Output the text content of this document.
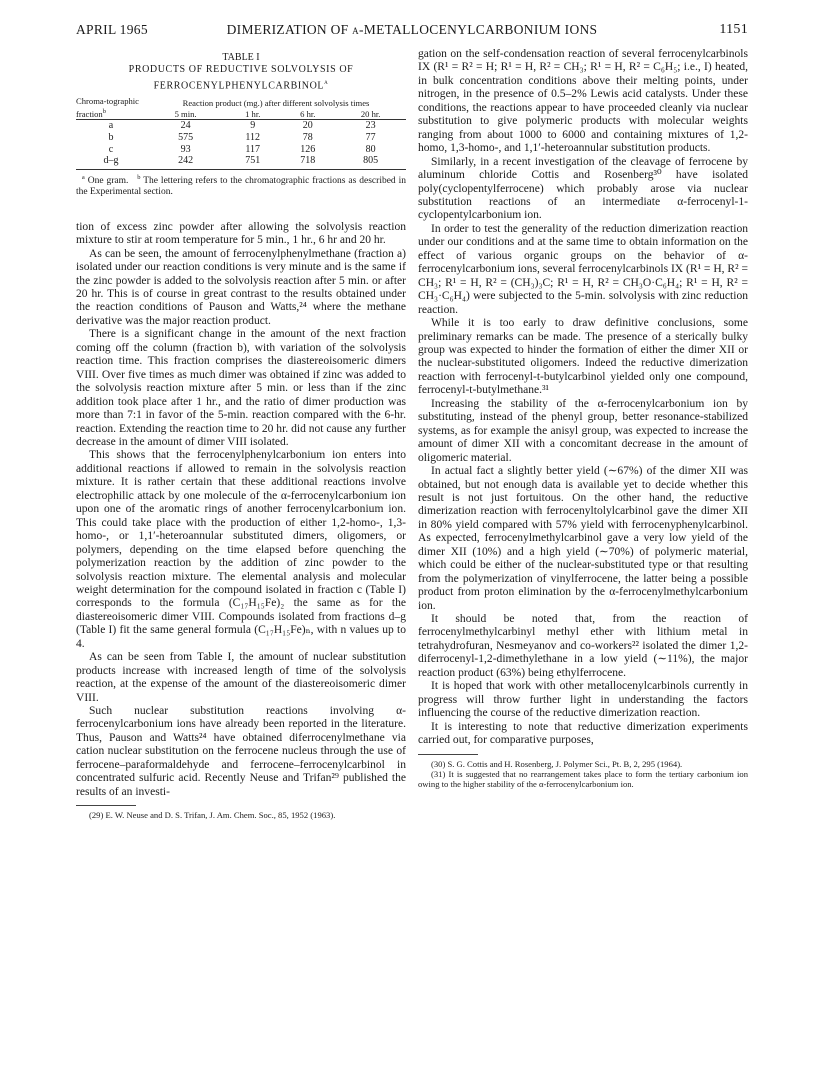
APRIL 1965	DIMERIZATION OF α-METALLOCENYLCARBONIUM IONS	1151
TABLE I
PRODUCTS OF REDUCTIVE SOLVOLYSIS OF
FERROCENYLPHENYLCARBINOL$^a$
Chroma-tographic fraction$^b$	Reaction product (mg.) after different solvolysis times			
	5 min.	1 hr.	6 hr.	20 hr.

a	24	9	20	23
b	575	112	78	77
c	93	117	126	80
d–g	242	751	718	805

$^a$ One gram. $^b$ The lettering refers to the chromatographic fractions as described in the Experimental section.

tion of excess zinc powder after allowing the solvolysis reaction mixture to stir at room temperature for 5 min., 1 hr., 6 hr and 20 hr.

As can be seen, the amount of ferrocenylphenylmethane (fraction a) isolated under our reaction conditions is very minute and is the same if the zinc powder is added to the solvolysis reaction after 5 min. or after 20 hr. This is of course in great contrast to the results obtained under the reaction conditions of Pauson and Watts,²⁴ where the methane derivative was the major reaction product.

There is a significant change in the amount of the next fraction coming off the column (fraction b), with variation of the solvolysis reaction time. This fraction comprises the diastereoisomeric dimers VIII. Over five times as much dimer was obtained if zinc was added to the solvolysis reaction mixture after 5 min. or less than if the zinc addition took place after 1 hr., and the ratio of dimer production was more than 7:1 in favor of the 5-min. reaction compared with the 6-hr. reaction. Extending the reaction time to 20 hr. did not cause any further decrease in the amount of dimer VIII isolated.

This shows that the ferrocenylphenylcarbonium ion enters into additional reactions if allowed to remain in the solvolysis reaction mixture. It is rather certain that these additional reactions involve electrophilic attack by one molecule of the α-ferrocenylcarbonium ion upon one of the aromatic rings of another ferrocenylcarbonium ion. This could take place with the production of either 1,2-homo-, 1,3-homo-, or 1,1′-heteroannular substituted dimers, oligomers, or polymers, depending on the time elapsed before quenching the polymerization reaction by the addition of zinc powder to the solvolysis reaction mixture. The elemental analysis and molecular weight determination for the compound isolated in fraction c (Table I) corresponds to the formula (C₁₇H₁₅Fe)₂ the same as for the diastereoisomeric dimer VIII. Compounds isolated from fractions d–g (Table I) fit the same general formula (C₁₇H₁₅Fe)ₙ, with n values up to 4.

As can be seen from Table I, the amount of nuclear substitution products increase with increased length of time of the solvolysis reaction, at the expense of the amount of the diastereoisomeric dimer VIII.

Such nuclear substitution reactions involving α-ferrocenylcarbonium ions have already been reported in the literature. Thus, Pauson and Watts²⁴ have obtained diferrocenylmethane via cation nuclear substitution on the ferrocene nucleus through the use of ferrocene–paraformaldehyde and ferrocene–ferrocenylcarbinol in concentrated sulfuric acid. Recently Neuse and Trifan²⁹ published the results of an investi-

(29) E. W. Neuse and D. S. Trifan, J. Am. Chem. Soc., 85, 1952 (1963).

gation on the self-condensation reaction of several ferrocenylcarbinols IX (R¹ = R² = H; R¹ = H, R² = CH₃; R¹ = H, R² = C₆H₅; i.e., I) heated, in bulk concentration conditions above their melting points, under nitrogen, in the presence of 0.5–2% Lewis acid catalysts. Under these conditions, the reactions appear to have proceeded cleanly via nuclear substitution to give polymeric products with molecular weights ranging from about 1000 to 6000 and containing mixtures of 1,2-homo, 1,3-homo-, and 1,1′-heteroannular substitution products.

Similarly, in a recent investigation of the cleavage of ferrocene by aluminum chloride Cottis and Rosenberg³⁰ have isolated poly(cyclopentylferrocene) which probably arose via nuclear substitution reactions of an intermediate α-ferrocenyl-1-cyclopentylcarbonium ion.

In order to test the generality of the reduction dimerization reaction under our conditions and at the same time to obtain information on the effect of various organic groups on the behavior of α-ferrocenylcarbonium ions, several ferrocenylcarbinols IX (R¹ = H, R² = CH₃; R¹ = H, R² = (CH₃)₃C; R¹ = H, R² = CH₃O·C₆H₄; R¹ = H, R² = CH₃·C₆H₄) were subjected to the 5-min. solvolysis with zinc reduction reaction.

While it is too early to draw definitive conclusions, some preliminary remarks can be made. The presence of a sterically bulky group was expected to hinder the formation of either the dimer XII or the nuclear-substituted oligomers. Indeed the reductive dimerization reaction with ferrocenyl-t-butylcarbinol yielded only one compound, ferrocenyl-t-butylmethane.³¹

Increasing the stability of the α-ferrocenylcarbonium ion by substituting, instead of the phenyl group, better resonance-stabilized systems, as for example the anisyl group, was expected to increase the amount of dimer XII with a concomitant decrease in the amount of oligomeric material.

In actual fact a slightly better yield (∼67%) of the dimer XII was obtained, but not enough data is available yet to decide whether this result is not just fortuitous. On the other hand, the reductive dimerization reaction with ferrocenyltolylcarbinol gave the dimer XII in 80% yield compared with 57% yield with ferrocenyphenylcarbinol. As expected, ferrocenylmethylcarbinol gave a very low yield of the dimer XII (10%) and a high yield (∼70%) of polymeric material, which could be either of the nuclear-substituted type or that resulting from the polymerization of vinylferrocene, the latter being a possible product from proton elimination by the α-ferrocenylmethylcarbonium ion.

It should be noted that, from the reaction of ferrocenylmethylcarbinyl methyl ether with lithium metal in tetrahydrofuran, Nesmeyanov and co-workers²² isolated the dimer 1,2-diferrocenyl-1,2-dimethylethane in a low yield (∼11%), the major reaction product (63%) being ethylferrocene.

It is hoped that work with other metallocenylcarbinols currently in progress will throw further light in understanding the factors influencing the course of the reductive dimerization reaction.

It is interesting to note that reductive dimerization experiments carried out, for comparative purposes,

(30) S. G. Cottis and H. Rosenberg, J. Polymer Sci., Pt. B, 2, 295 (1964).

(31) It is suggested that no rearrangement takes place to form the tertiary carbonium ion owing to the higher stability of the α-ferrocenylcarbonium ion.
